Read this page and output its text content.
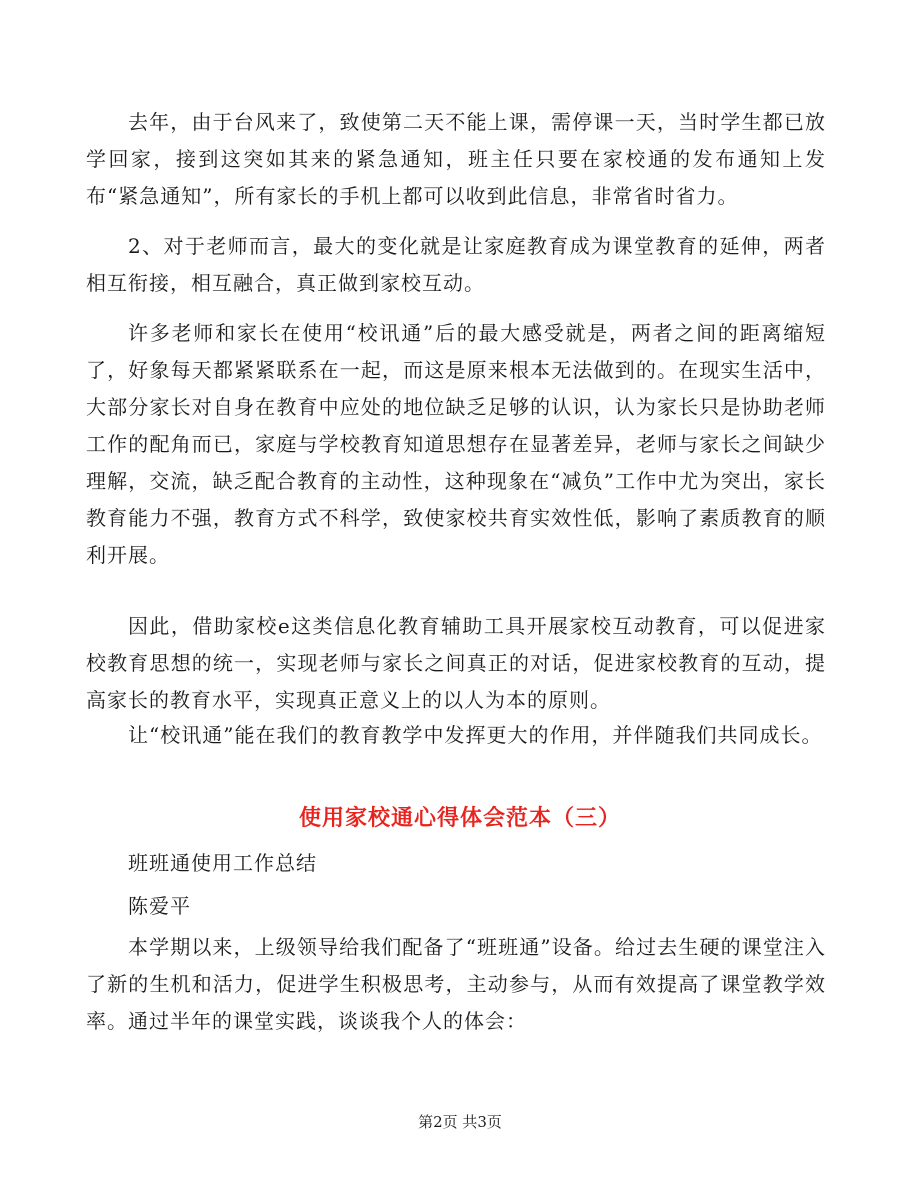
去年，由于台风来了，致使第二天不能上课，需停课一天，当时学生都已放学回家，接到这突如其来的紧急通知，班主任只要在家校通的发布通知上发布“紧急通知”，所有家长的手机上都可以收到此信息，非常省时省力。

2、对于老师而言，最大的变化就是让家庭教育成为课堂教育的延伸，两者相互衔接，相互融合，真正做到家校互动。

许多老师和家长在使用“校讯通”后的最大感受就是，两者之间的距离缩短了，好象每天都紧紧联系在一起，而这是原来根本无法做到的。在现实生活中，大部分家长对自身在教育中应处的地位缺乏足够的认识，认为家长只是协助老师工作的配角而已，家庭与学校教育知道思想存在显著差异，老师与家长之间缺少理解，交流，缺乏配合教育的主动性，这种现象在“减负”工作中尤为突出，家长教育能力不强，教育方式不科学，致使家校共育实效性低，影响了素质教育的顺利开展。

因此，借助家校e这类信息化教育辅助工具开展家校互动教育，可以促进家校教育思想的统一，实现老师与家长之间真正的对话，促进家校教育的互动，提高家长的教育水平，实现真正意义上的以人为本的原则。

让“校讯通”能在我们的教育教学中发挥更大的作用，并伴随我们共同成长。

使用家校通心得体会范本（三）

班班通使用工作总结

陈爱平

本学期以来，上级领导给我们配备了“班班通”设备。给过去生硬的课堂注入了新的生机和活力，促进学生积极思考，主动参与，从而有效提高了课堂教学效率。通过半年的课堂实践，谈谈我个人的体会：

第2页 共3页
